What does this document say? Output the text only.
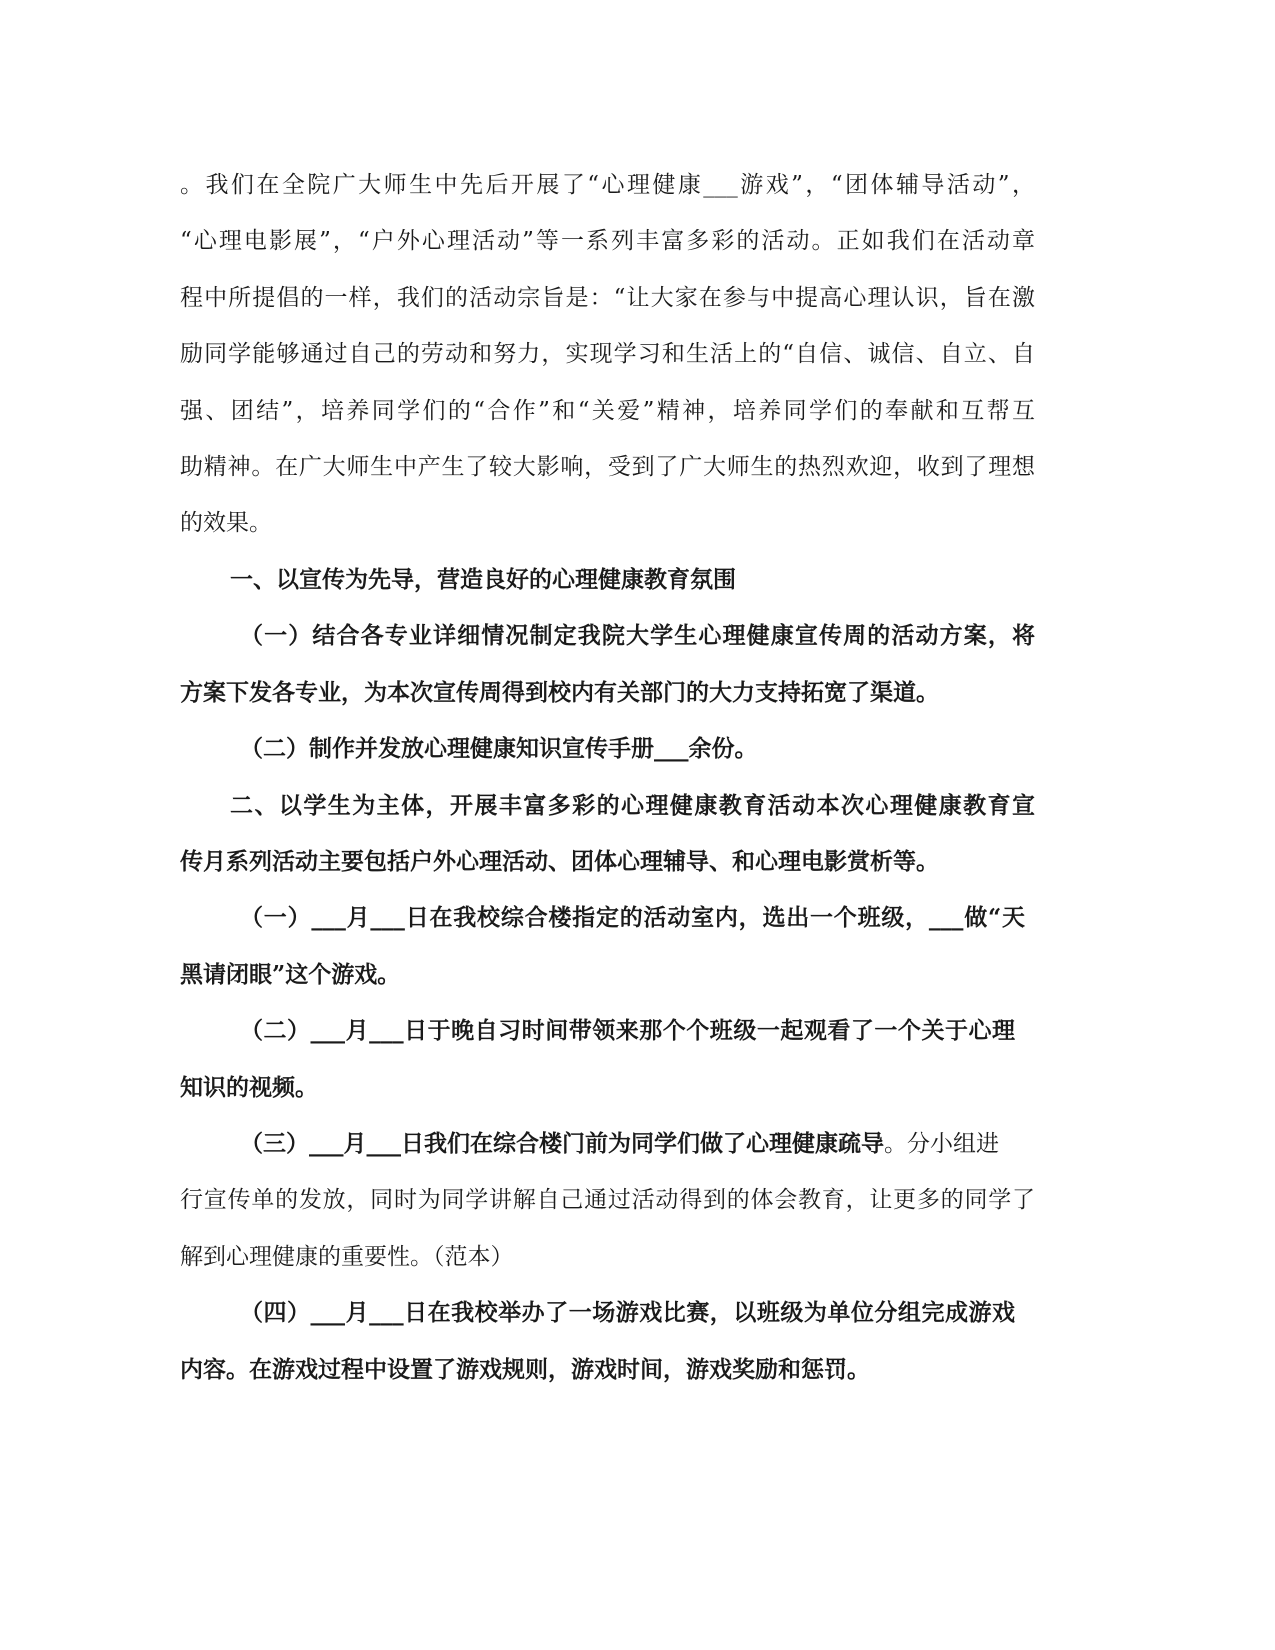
。我们在全院广大师生中先后开展了“心理健康___游戏”，“团体辅导活动”，
“心理电影展”，“户外心理活动”等一系列丰富多彩的活动。正如我们在活动章
程中所提倡的一样，我们的活动宗旨是：“让大家在参与中提高心理认识，旨在激
励同学能够通过自己的劳动和努力，实现学习和生活上的“自信、诚信、自立、自
强、团结”，培养同学们的“合作”和“关爱”精神，培养同学们的奉献和互帮互
助精神。在广大师生中产生了较大影响，受到了广大师生的热烈欢迎，收到了理想
的效果。
一、以宣传为先导，营造良好的心理健康教育氛围
（一）结合各专业详细情况制定我院大学生心理健康宣传周的活动方案，将
方案下发各专业，为本次宣传周得到校内有关部门的大力支持拓宽了渠道。
（二）制作并发放心理健康知识宣传手册___余份。
二、以学生为主体，开展丰富多彩的心理健康教育活动本次心理健康教育宣
传月系列活动主要包括户外心理活动、团体心理辅导、和心理电影赏析等。
（一）___月___日在我校综合楼指定的活动室内，选出一个班级，___做“天
黑请闭眼”这个游戏。
（二）___月___日于晚自习时间带领来那个个班级一起观看了一个关于心理
知识的视频。
（三）___月___日我们在综合楼门前为同学们做了心理健康疏导。分小组进
行宣传单的发放，同时为同学讲解自己通过活动得到的体会教育，让更多的同学了
解到心理健康的重要性。（范本）
（四）___月___日在我校举办了一场游戏比赛，以班级为单位分组完成游戏
内容。在游戏过程中设置了游戏规则，游戏时间，游戏奖励和惩罚。
